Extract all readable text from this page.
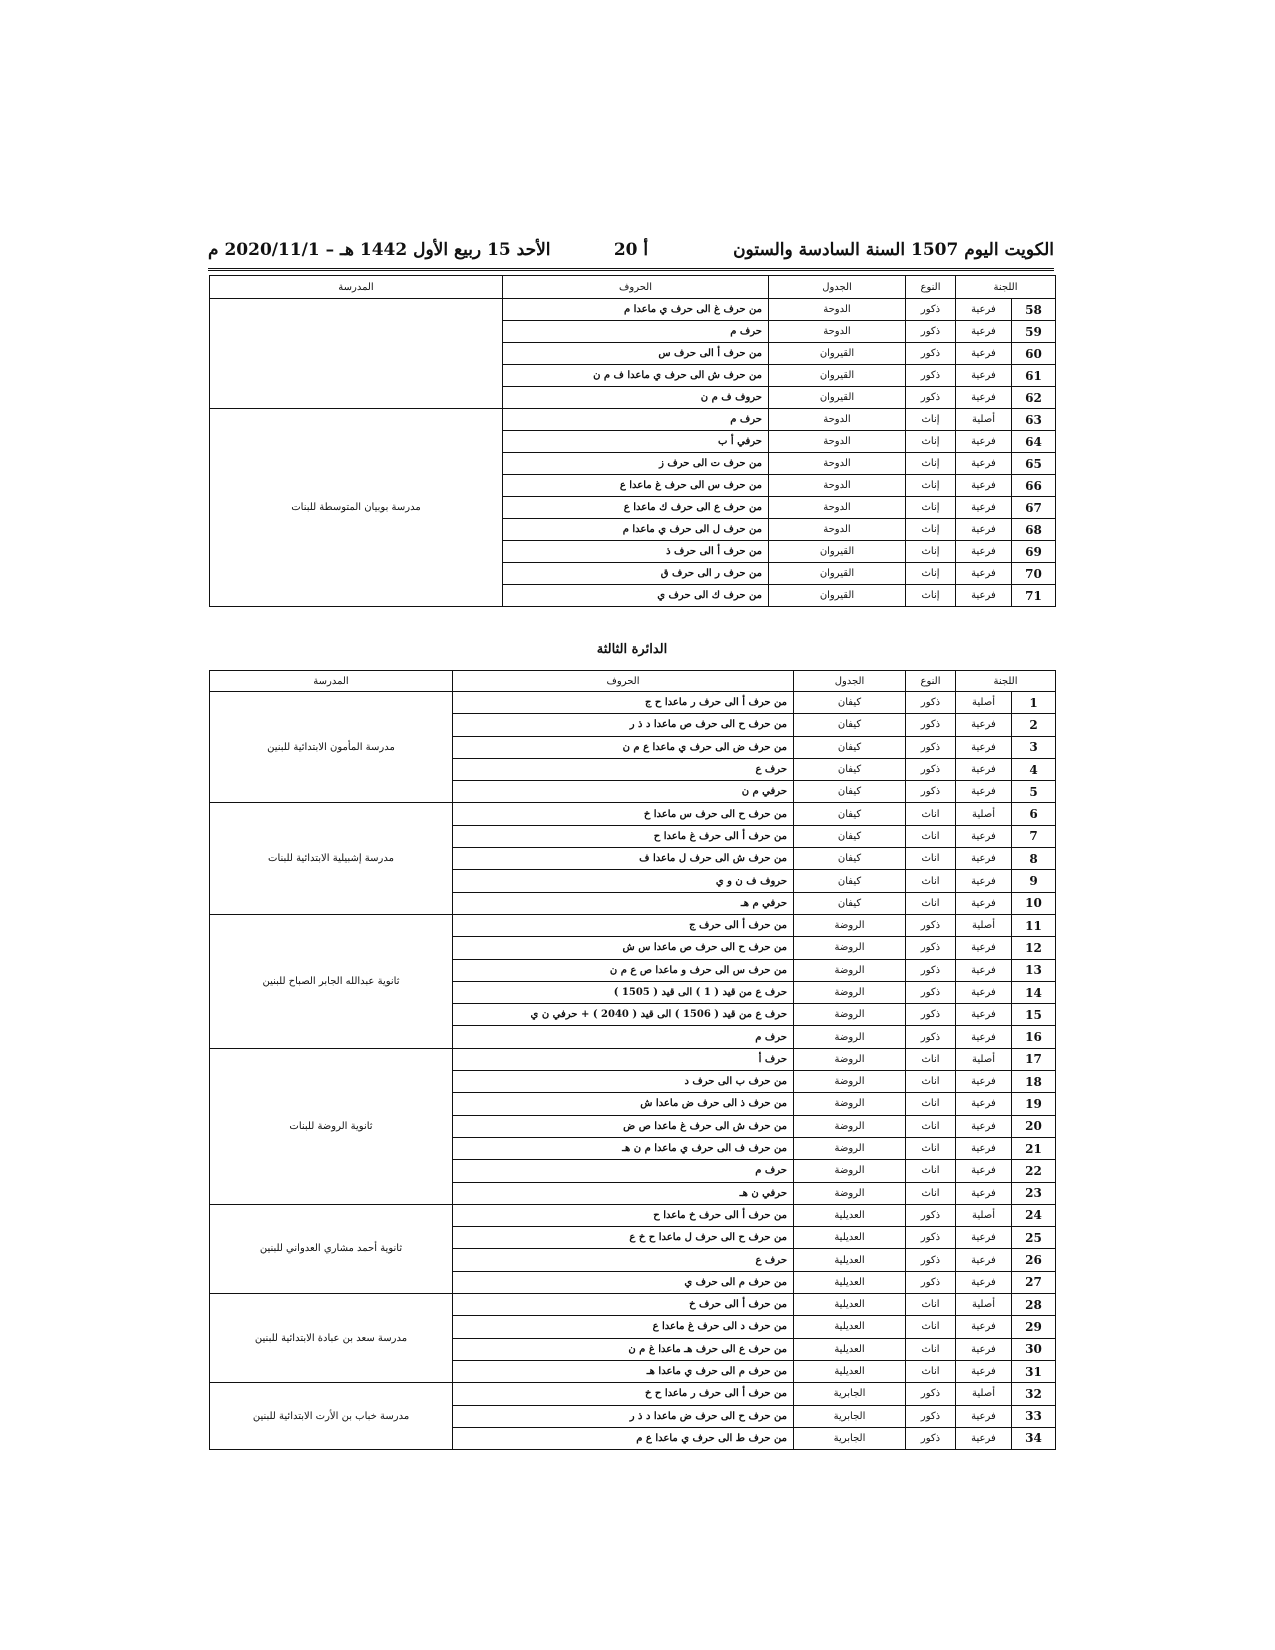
الكويت اليوم 1507 السنة السادسة والستون
أ 20
الأحد 15 ربيع الأول 1442 هـ – 2020/11/1 م
اللجنة		النوع	الجدول	الحروف	المدرسة
58	فرعية	ذكور	الدوحة	من حرف غ الى حرف ي ماعدا م	
59	فرعية	ذكور	الدوحة	حرف م	
60	فرعية	ذكور	القيروان	من حرف أ الى حرف س	
61	فرعية	ذكور	القيروان	من حرف ش الى حرف ي ماعدا ف م ن	
62	فرعية	ذكور	القيروان	حروف ف م ن	
63	أصلية	إناث	الدوحة	حرف م	مدرسة بوبيان المتوسطة للبنات
64	فرعية	إناث	الدوحة	حرفي أ ب	
65	فرعية	إناث	الدوحة	من حرف ت الى حرف ز	
66	فرعية	إناث	الدوحة	من حرف س الى حرف غ ماعدا ع	
67	فرعية	إناث	الدوحة	من حرف ع الى حرف ك ماعدا ع	
68	فرعية	إناث	الدوحة	من حرف ل الى حرف ي ماعدا م	
69	فرعية	إناث	القيروان	من حرف أ الى حرف ذ	
70	فرعية	إناث	القيروان	من حرف ر الى حرف ق	
71	فرعية	إناث	القيروان	من حرف ك الى حرف ي	
الدائرة الثالثة
اللجنة		النوع	الجدول	الحروف	المدرسة
1	أصلية	ذكور	كيفان	من حرف أ الى حرف ر ماعدا ح ج	مدرسة المأمون الابتدائية للبنين
2	فرعية	ذكور	كيفان	من حرف ح الى حرف ص ماعدا د ذ ر	
3	فرعية	ذكور	كيفان	من حرف ض الى حرف ي ماعدا ع م ن	
4	فرعية	ذكور	كيفان	حرف ع	
5	فرعية	ذكور	كيفان	حرفي م ن	
6	أصلية	اناث	كيفان	من حرف ح الى حرف س ماعدا خ	مدرسة إشبيلية الابتدائية للبنات
7	فرعية	اناث	كيفان	من حرف أ الى حرف غ ماعدا ح	
8	فرعية	اناث	كيفان	من حرف ش الى حرف ل ماعدا ف	
9	فرعية	اناث	كيفان	حروف ف ن و ي	
10	فرعية	اناث	كيفان	حرفي م هـ	
11	أصلية	ذكور	الروضة	من حرف أ الى حرف ج	ثانوية عبدالله الجابر الصباح للبنين
12	فرعية	ذكور	الروضة	من حرف ح الى حرف ص ماعدا س ش	
13	فرعية	ذكور	الروضة	من حرف س الى حرف و ماعدا ص ع م ن	
14	فرعية	ذكور	الروضة	حرف ع من قيد ( 1 ) الى قيد ( 1505 )	
15	فرعية	ذكور	الروضة	حرف ع من قيد ( 1506 ) الى قيد ( 2040 ) + حرفي ن ي	
16	فرعية	ذكور	الروضة	حرف م	
17	أصلية	اناث	الروضة	حرف أ	ثانوية الروضة للبنات
18	فرعية	اناث	الروضة	من حرف ب الى حرف د	
19	فرعية	اناث	الروضة	من حرف ذ الى حرف ض ماعدا ش	
20	فرعية	اناث	الروضة	من حرف ش الى حرف غ ماعدا ص ض	
21	فرعية	اناث	الروضة	من حرف ف الى حرف ي ماعدا م ن هـ	
22	فرعية	اناث	الروضة	حرف م	
23	فرعية	اناث	الروضة	حرفي ن هـ	
24	أصلية	ذكور	العديلية	من حرف أ الى حرف خ ماعدا ح	ثانوية أحمد مشاري العدواني للبنين
25	فرعية	ذكور	العديلية	من حرف ح الى حرف ل ماعدا ح خ ع	
26	فرعية	ذكور	العديلية	حرف ع	
27	فرعية	ذكور	العديلية	من حرف م الى حرف ي	
28	أصلية	اناث	العديلية	من حرف أ الى حرف خ	مدرسة سعد بن عبادة الابتدائية للبنين
29	فرعية	اناث	العديلية	من حرف د الى حرف غ ماعدا ع	
30	فرعية	اناث	العديلية	من حرف ع الى حرف هـ ماعدا غ م ن	
31	فرعية	اناث	العديلية	من حرف م الى حرف ي ماعدا هـ	
32	أصلية	ذكور	الجابرية	من حرف أ الى حرف ر ماعدا ح خ	مدرسة خباب بن الأرت الابتدائية للبنين
33	فرعية	ذكور	الجابرية	من حرف ح الى حرف ض ماعدا د ذ ر	
34	فرعية	ذكور	الجابرية	من حرف ط الى حرف ي ماعدا ع م	
